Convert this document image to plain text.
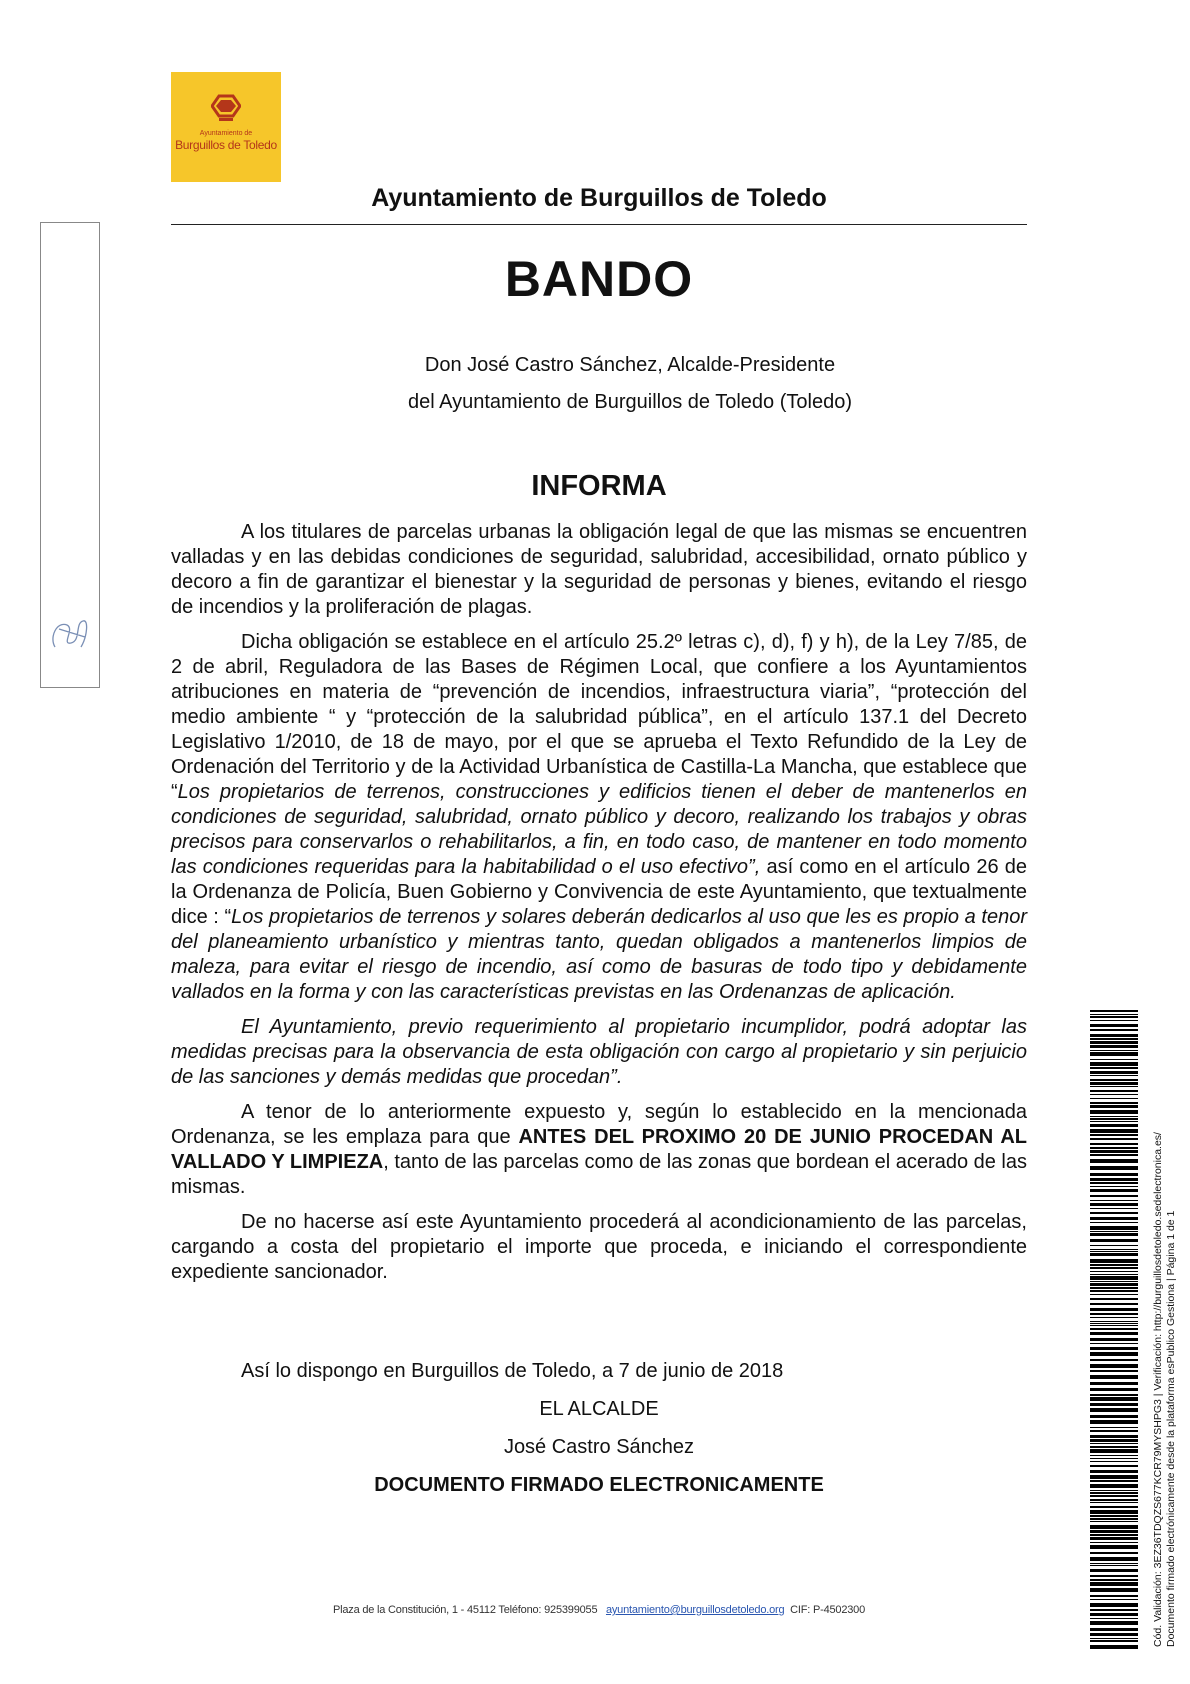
Ayuntamiento de
Burguillos de Toledo
Ayuntamiento de Burguillos de Toledo
BANDO
Don José Castro Sánchez, Alcalde-Presidente
del Ayuntamiento de Burguillos de Toledo (Toledo)
INFORMA

A los titulares de parcelas urbanas la obligación legal de que las mismas se encuentren valladas y en las debidas condiciones de seguridad, salubridad, accesibilidad, ornato público y decoro a fin de garantizar el bienestar y la seguridad de personas y bienes, evitando el riesgo de incendios y la proliferación de plagas.

Dicha obligación se establece en el artículo 25.2º letras c), d), f) y h), de la Ley 7/85, de 2 de abril, Reguladora de las Bases de Régimen Local, que confiere a los Ayuntamientos atribuciones en materia de “prevención de incendios, infraestructura viaria”, “protección del medio ambiente “ y “protección de la salubridad pública”, en el artículo 137.1 del Decreto Legislativo 1/2010, de 18 de mayo, por el que se aprueba el Texto Refundido de la Ley de Ordenación del Territorio y de la Actividad Urbanística de Castilla-La Mancha, que establece que “Los propietarios de terrenos, construcciones y edificios tienen el deber de mantenerlos en condiciones de seguridad, salubridad, ornato público y decoro, realizando los trabajos y obras precisos para conservarlos o rehabilitarlos, a fin, en todo caso, de mantener en todo momento las condiciones requeridas para la habitabilidad o el uso efectivo”, así como en el artículo 26 de la Ordenanza de Policía, Buen Gobierno y Convivencia de este Ayuntamiento, que textualmente dice : “Los propietarios de terrenos y solares deberán dedicarlos al uso que les es propio a tenor del planeamiento urbanístico y mientras tanto, quedan obligados a mantenerlos limpios de maleza, para evitar el riesgo de incendio, así como de basuras de todo tipo y debidamente vallados en la forma y con las características previstas en las Ordenanzas de aplicación.

El Ayuntamiento, previo requerimiento al propietario incumplidor, podrá adoptar las medidas precisas para la observancia de esta obligación con cargo al propietario y sin perjuicio de las sanciones y demás medidas que procedan”.

A tenor de lo anteriormente expuesto y, según lo establecido en la mencionada Ordenanza, se les emplaza para que ANTES DEL PROXIMO 20 DE JUNIO PROCEDAN AL VALLADO Y LIMPIEZA, tanto de las parcelas como de las zonas que bordean el acerado de las mismas.

De no hacerse así este Ayuntamiento procederá al acondicionamiento de las parcelas, cargando a costa del propietario el importe que proceda, e iniciando el correspondiente expediente sancionador.

Así lo dispongo en Burguillos de Toledo, a 7 de junio de 2018
EL ALCALDE
José Castro Sánchez
DOCUMENTO FIRMADO ELECTRONICAMENTE
Plaza de la Constitución, 1 - 45112 Teléfono: 925399055 ayuntamiento@burguillosdetoledo.org CIF: P-4502300	Cód. Validación: 3EZ36TDQZS677KCR79MYSHPG3 | Verificación: http://burguillosdetoledo.sedelectronica.es/ Documento firmado electrónicamente desde la plataforma esPublico Gestiona | Página 1 de 1
